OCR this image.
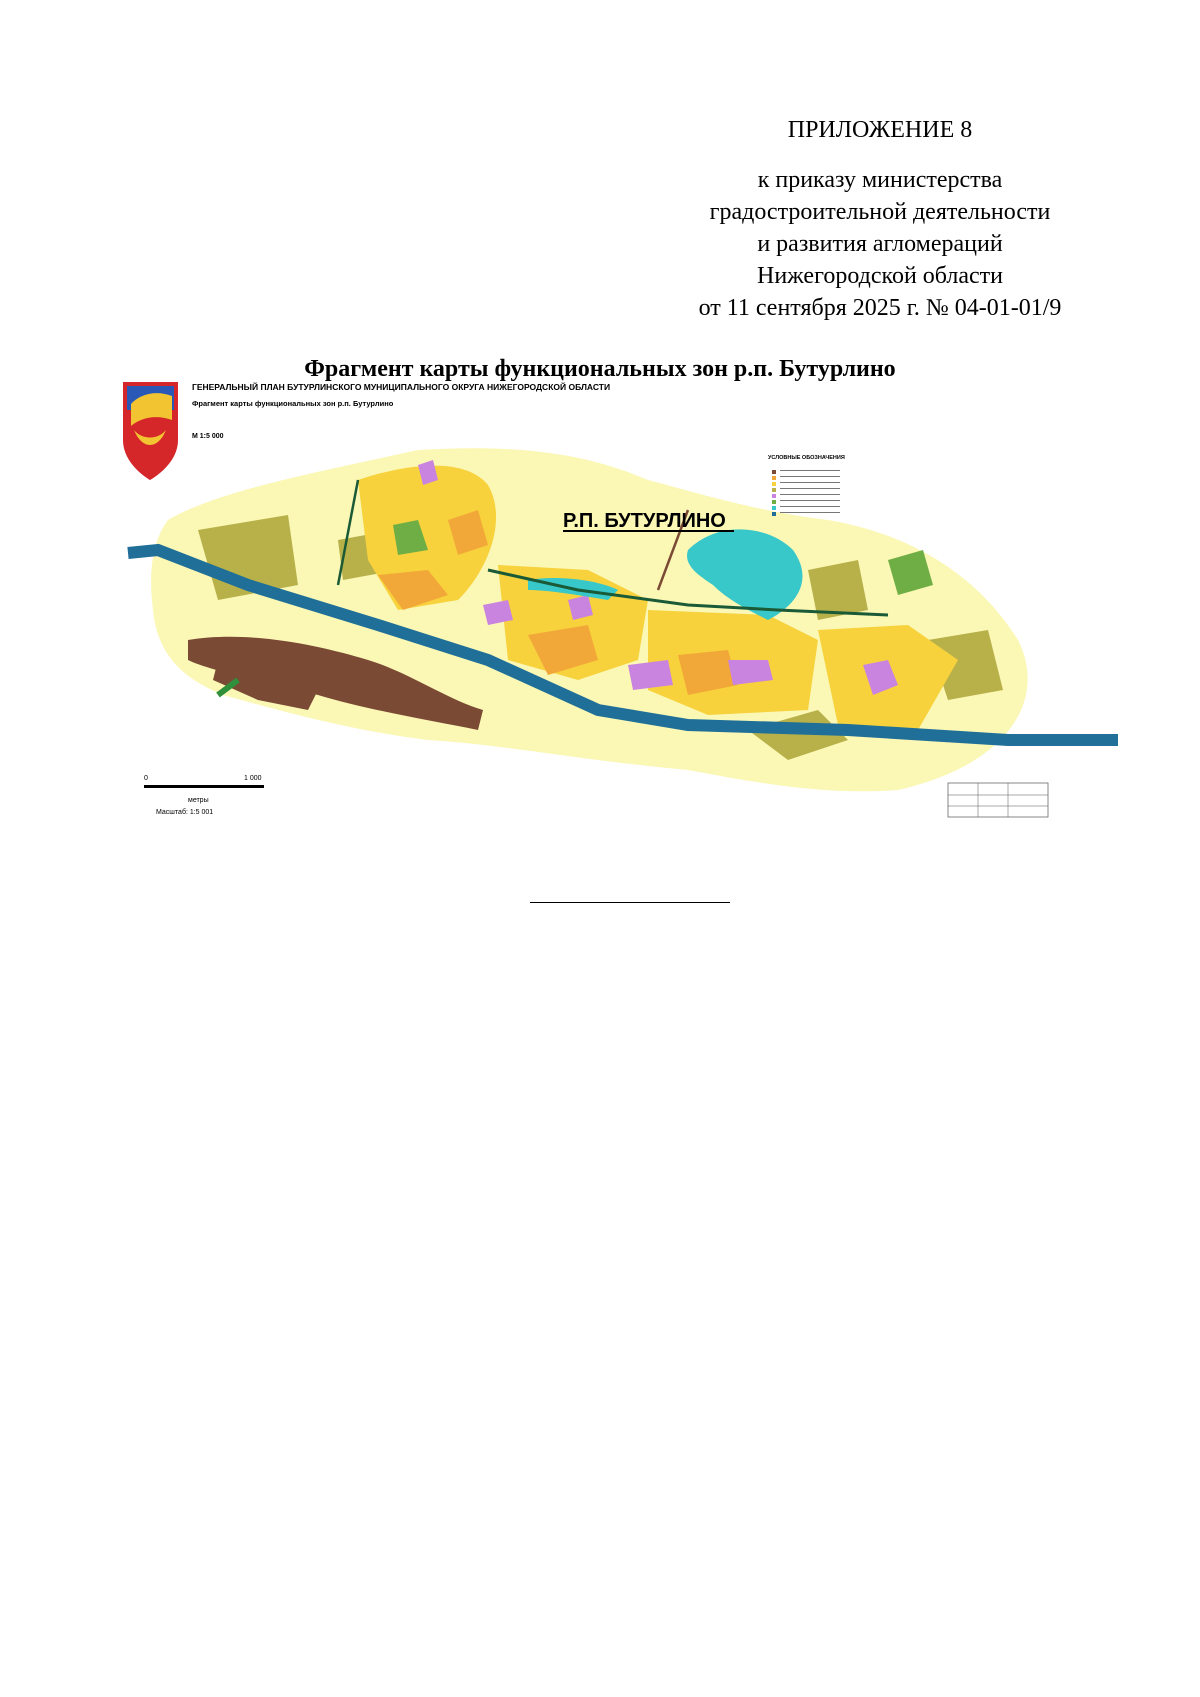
ПРИЛОЖЕНИЕ 8
к приказу министерства
градостроительной деятельности
и развития агломераций
Нижегородской области
от 11 сентября 2025 г. № 04-01-01/9
Фрагмент карты функциональных зон р.п. Бутурлино
ГЕНЕРАЛЬНЫЙ ПЛАН БУТУРЛИНСКОГО МУНИЦИПАЛЬНОГО ОКРУГА НИЖЕГОРОДСКОЙ ОБЛАСТИ
Фрагмент карты функциональных зон р.п. Бутурлино
М 1:5 000
Р.П. БУТУРЛИНО
УСЛОВНЫЕ ОБОЗНАЧЕНИЯ
0	1 000
метры
Масштаб: 1:5 001
